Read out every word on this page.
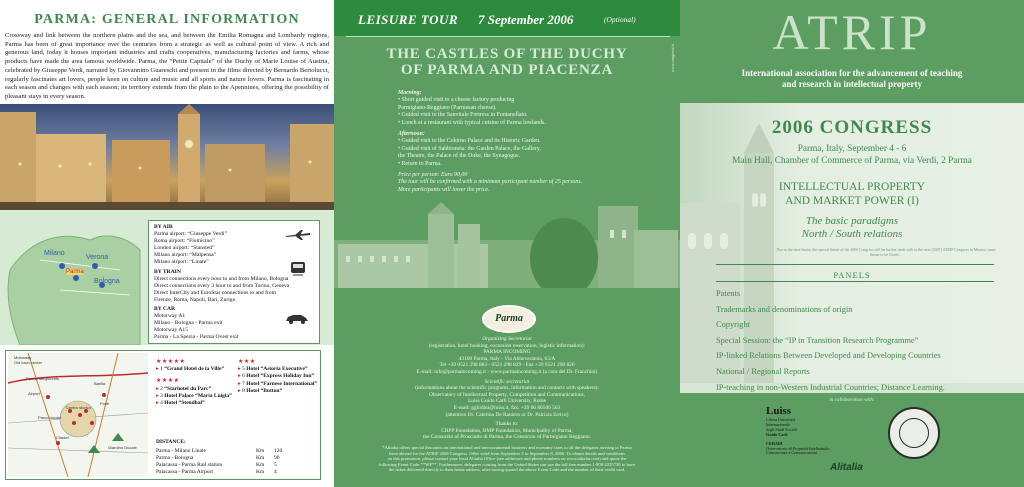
PARMA: GENERAL INFORMATION
Crossway and link between the northern plains and the sea, and between the Emilia Romagna and Lombardy regions, Parma has been of great importance over the centuries from a strategic as well as cultural point of view. A rich and generous land, today it houses important industries and crafts cooperatives, manufacturing factories and farms, whose products have made the area famous worldwide. Parma, the “Petite Capitale” of the Duchy of Marie Louise of Austria, celebrated by Giuseppe Verdi, narrated by Giovannino Guareschi and present in the films directed by Bernardo Bertolucci, regularly fascinates art lovers, people keen on culture and music and all sports and nature lovers. Parma is fascinating in each season and changes with each season; its territory extends from the plain to the Apennines, offering the possibility of pleasant stays in every season.
Milano
Verona
Parma
Bologna
BY AIR
Parma airport: “Giuseppe Verdi”
Roma airport: “Fiumicino”
London airport: “Stansted”
Milano airport: “Malpensa”
Milano airport: “Linate”
BY TRAIN
Direct connections every hour to and from Milano, Bologna
Direct connections every 3 hour to and from Torino, Geneva
Direct InterCity and EuroStar connections to and from
Firenze, Roma, Napoli, Bari, Zurigo
BY CAR
Motorway A1
Milano - Bologna - Parma exit
Motorway A15
Parma - La Spezia - Parma Ovest exit
Motorway
Old town center
Parma fairgrounds
Airport
Barilla
Centro storico
Citadel
Parco ducale
Ponti
Giardino Ducale
★★★★★
▸ 1 “Grand Hotel de la Ville”
★★★★
▸ 2 “Starhotel du Parc”
▸ 3 Hotel Palace “Maria Luigia”
▸ 4 Hotel “Stendhal”
★★★
▸ 5 Hotel “Astoria Executive”
▸ 6 Hotel “Express Holiday Inn”
▸ 7 Hotel “Farnese International”
▸ 8 Hotel “Button”
DISTANCE:
Parma - Milano Linate	Km	120
Parma - Bologna	Km	90
Palacassa - Parma Rail station	Km	5
Palacassa - Parma Airport	Km	4
LEISURE TOUR 7 September 2006	(Optional)
THE CASTLES OF THE DUCHY
OF PARMA AND PIACENZA
Morning:
• Short guided visit to a cheese factory producing
Parmigiano-Reggiano (Parmesan cheese).
• Guided visit to the Sanvitale Fortress in Fontanellato.
• Lunch at a restaurant with typical cuisine of Parma lowlands.
Afternoon:
• Guided visit to the Colorno Palace and its Historic Garden.
• Guided visit of Sabbioneta: the Garden Palace, the Gallery,
the Theatre, the Palace of the Duke, the Synagogue.
• Return to Parma.
Price per person: Euro 90,00
The tour will be confirmed with a minimum participant number of 25 persons.
More participants will lower the price.
Parma
Organizing Secretariat
(registration, hotel booking, excursion reservation, logistic information):
PARMA INCOMING
43100 Parma, Italy - Via Abbeveratoia, 63/A
Tel +39 0521 298 883 - 0521 298 829 - Fax +39 0521 298 826
E-mail: info@parmaincoming.it - www.parmaincoming.it (a cura del Dr. Franchini)
Scientific secretariat
(informations about the scientific programs, information and contacts with speakers):
Observatory of Intellectual Property, Competition and Communications,
Luiss Guido Carli University, Rome
E-mail: gghidini@luiss.it, fax: +39 06 86506 503
(attention Dr. Caterina De Raniero or Dr. Patrizia Errico)
Thanks to:
CRPP Foundation, BMP Foundation, Municipality of Parma,
the Consorzio of Prosciutto di Parma, the Consorzio of Parmigiano Reggiano.
*Alitalia offers special discounts on international and intercontinental business and economy fares to all the delegates arriving to Parma
from abroad for the ATRIP 2006 Congress. Offer valid from September 2 to September 8, 2006. To obtain details and conditions
on this promotion, please contact your local Alitalia Office (see addresses and phone numbers on www.alitalia.com) and quote the
following Event Code **WF**. Furthermore, delegates coming from the United States can use the toll free number 1-800-2235730 to have
the ticket delivered directly to their home address, after having quoted the above Event Code and the number of their credit card.
www.congressi.it	ATRIP
International association for the advancement of teaching
and research in intellectual property
2006 CONGRESS
Parma, Italy, September 4 - 6
Main Hall, Chamber of Commerce of Parma, via Verdi, 2 Parma
INTELLECTUAL PROPERTY
AND MARKET POWER (I)
The basic paradigms
North / South relations
Due to the time limits, the special theme of the 2006 Congress will be further dealt with in the next (2007) ATRIP Congress in Mexico, same theme to be North/...
PANELS
Patents
Trademarks and denominations of origin
Copyright
Special Session: the “IP in Transition Research Programme”
IP-linked Relations Between Developed and Developing Countries
National / Regional Reports
IP-teaching in non-Western Industrial Countries; Distance Learning.
in collaboration with:
Luiss
Libera Università
Internazionale
degli Studi Sociali
Guido Carli
CERADI
Osservatorio di Proprietà Intellettuale,
Concorrenza e Comunicazioni
Alitalia
